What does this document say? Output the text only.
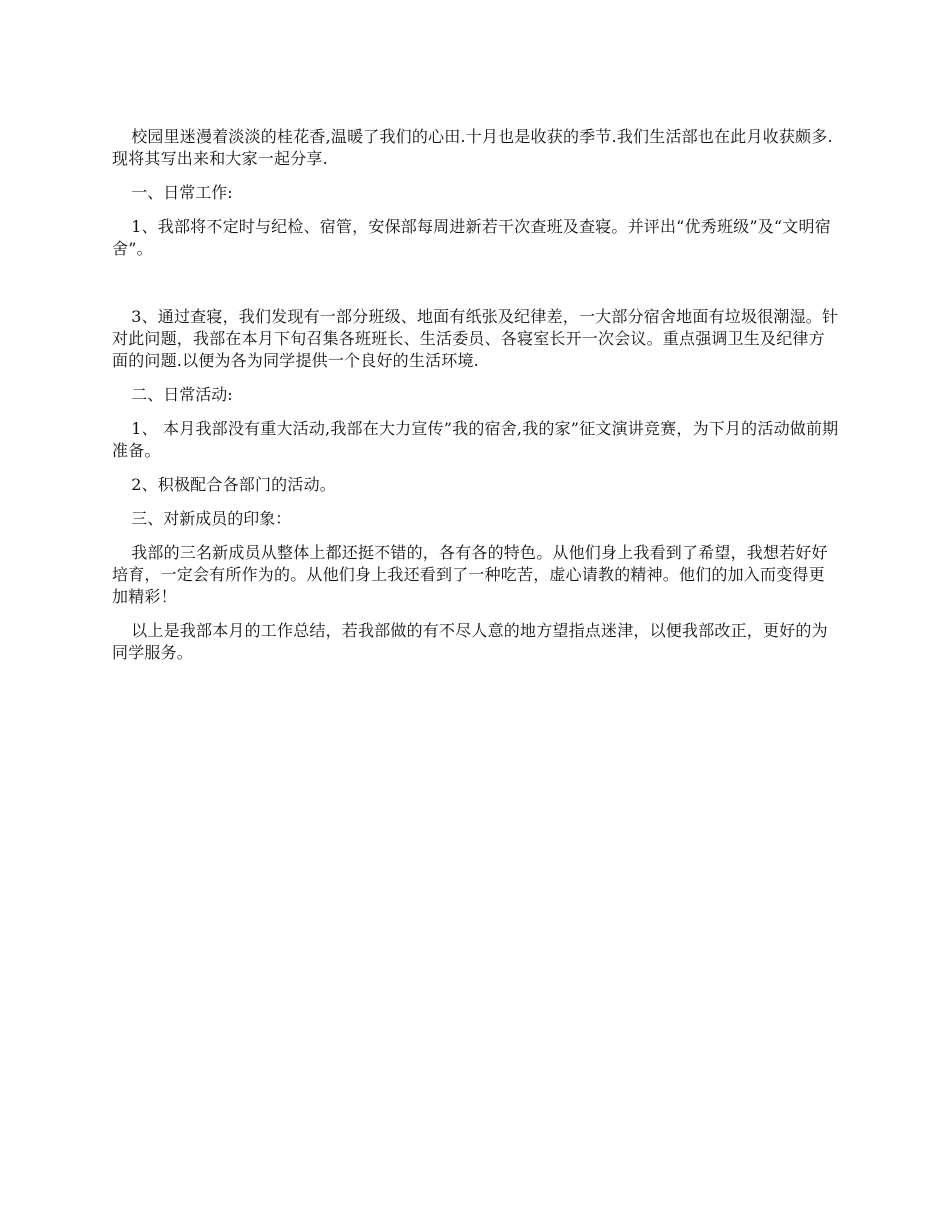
校园里迷漫着淡淡的桂花香,温暖了我们的心田.十月也是收获的季节.我们生活部也在此月收获颇多.现将其写出来和大家一起分享.

一、日常工作:

1、我部将不定时与纪检、宿管，安保部每周进新若干次查班及查寝。并评出“优秀班级”及“文明宿舍”。

3、通过查寝，我们发现有一部分班级、地面有纸张及纪律差，一大部分宿舍地面有垃圾很潮湿。针对此问题，我部在本月下旬召集各班班长、生活委员、各寝室长开一次会议。重点强调卫生及纪律方面的问题.以便为各为同学提供一个良好的生活环境.

二、日常活动:

1、 本月我部没有重大活动,我部在大力宣传”我的宿舍,我的家”征文演讲竞赛，为下月的活动做前期准备。

2、积极配合各部门的活动。

三、对新成员的印象：

我部的三名新成员从整体上都还挺不错的，各有各的特色。从他们身上我看到了希望，我想若好好培育，一定会有所作为的。从他们身上我还看到了一种吃苦，虚心请教的精神。他们的加入而变得更加精彩！

以上是我部本月的工作总结，若我部做的有不尽人意的地方望指点迷津，以便我部改正，更好的为同学服务。
